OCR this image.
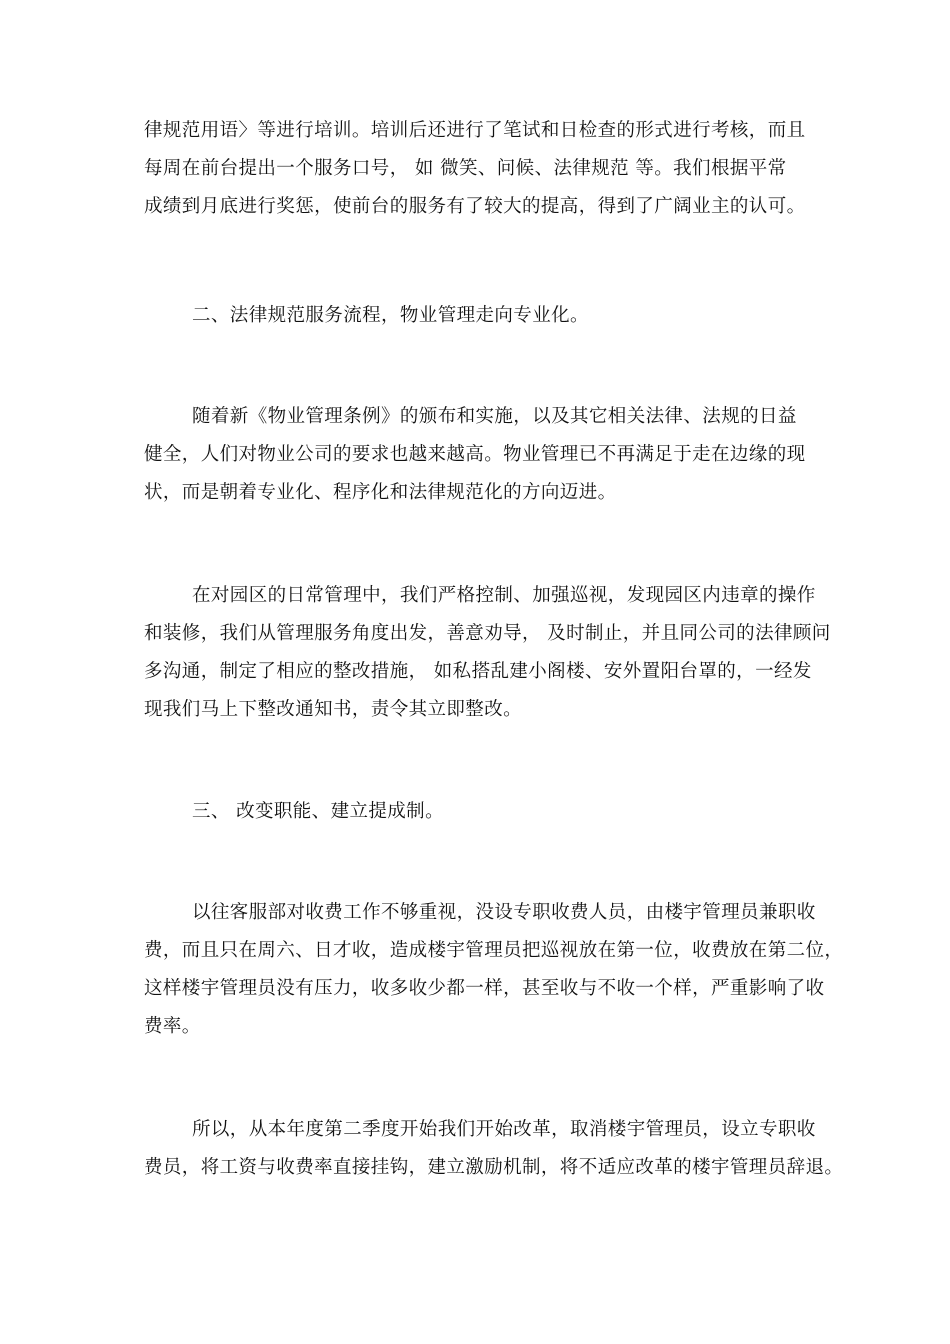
律规范用语〉等进行培训。培训后还进行了笔试和日检查的形式进行考核，而且
每周在前台提出一个服务口号， 如 微笑、问候、法律规范 等。我们根据平常
成绩到月底进行奖惩，使前台的服务有了较大的提高，得到了广阔业主的认可。
二、法律规范服务流程，物业管理走向专业化。
随着新《物业管理条例》的颁布和实施，以及其它相关法律、法规的日益
健全，人们对物业公司的要求也越来越高。物业管理已不再满足于走在边缘的现
状，而是朝着专业化、程序化和法律规范化的方向迈进。
在对园区的日常管理中，我们严格控制、加强巡视，发现园区内违章的操作
和装修，我们从管理服务角度出发，善意劝导， 及时制止，并且同公司的法律顾问
多沟通，制定了相应的整改措施， 如私搭乱建小阁楼、安外置阳台罩的，一经发
现我们马上下整改通知书，责令其立即整改。
三、 改变职能、建立提成制。
以往客服部对收费工作不够重视，没设专职收费人员，由楼宇管理员兼职收
费，而且只在周六、日才收，造成楼宇管理员把巡视放在第一位，收费放在第二位，
这样楼宇管理员没有压力，收多收少都一样，甚至收与不收一个样，严重影响了收
费率。
所以，从本年度第二季度开始我们开始改革，取消楼宇管理员，设立专职收
费员，将工资与收费率直接挂钩，建立激励机制，将不适应改革的楼宇管理员辞退。
